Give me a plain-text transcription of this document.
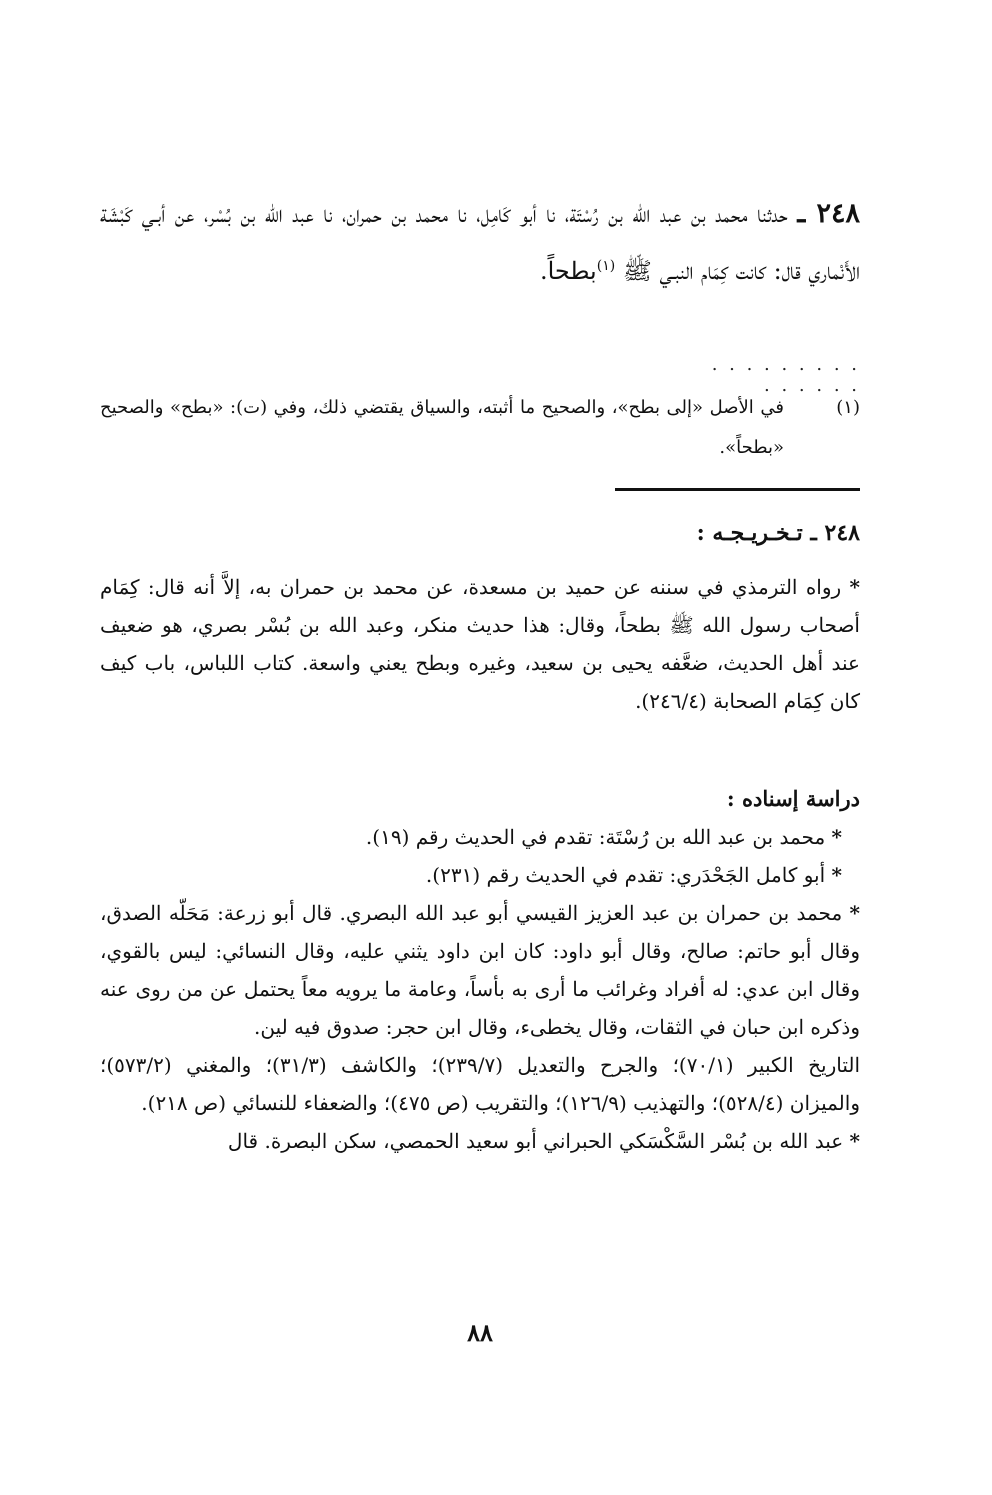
٢٤٨ ـ حدثنا محمد بن عبد الله بن رُسْتَة، نا أبو كَامِل، نا محمد بن حمران، نا عبد الله بن بُسْر، عن أبـي كَبْشَة الأَنْماري قال: كانت كِمَام النبـي ﷺ $^{(١)}$بطحاً.
. . . . . . . . . . . . . . .
(١)
في الأصل «إلى بطح»، والصحيح ما أثبته، والسياق يقتضي ذلك، وفي (ت): «بطح» والصحيح «بطحاً».
٢٤٨ ـ تـخـريـجـه :

* رواه الترمذي في سننه عن حميد بن مسعدة، عن محمد بن حمران به، إلاَّ أنه قال: كِمَام أصحاب رسول الله ﷺ بطحاً، وقال: هذا حديث منكر، وعبد الله بن بُسْر بصري، هو ضعيف عند أهل الحديث، ضعَّفه يحيى بن سعيد، وغيره وبطح يعني واسعة. كتاب اللباس، باب كيف كان كِمَام الصحابة (٢٤٦/٤).

دراسة إسناده :

* محمد بن عبد الله بن رُسْتَة: تقدم في الحديث رقم (١٩).

* أبو كامل الجَحْدَري: تقدم في الحديث رقم (٢٣١).

* محمد بن حمران بن عبد العزيز القيسي أبو عبد الله البصري. قال أبو زرعة: مَحَلّه الصدق، وقال أبو حاتم: صالح، وقال أبو داود: كان ابن داود يثني عليه، وقال النسائي: ليس بالقوي، وقال ابن عدي: له أفراد وغرائب ما أرى به بأساً، وعامة ما يرويه معاً يحتمل عن من روى عنه وذكره ابن حبان في الثقات، وقال يخطىء، وقال ابن حجر: صدوق فيه لين.

التاريخ الكبير (٧٠/١)؛ والجرح والتعديل (٢٣٩/٧)؛ والكاشف (٣١/٣)؛ والمغني (٥٧٣/٢)؛ والميزان (٥٢٨/٤)؛ والتهذيب (١٢٦/٩)؛ والتقريب (ص ٤٧٥)؛ والضعفاء للنسائي (ص ٢١٨).

* عبد الله بن بُسْر السَّكْسَكي الحبراني أبو سعيد الحمصي، سكن البصرة. قال

٨٨
